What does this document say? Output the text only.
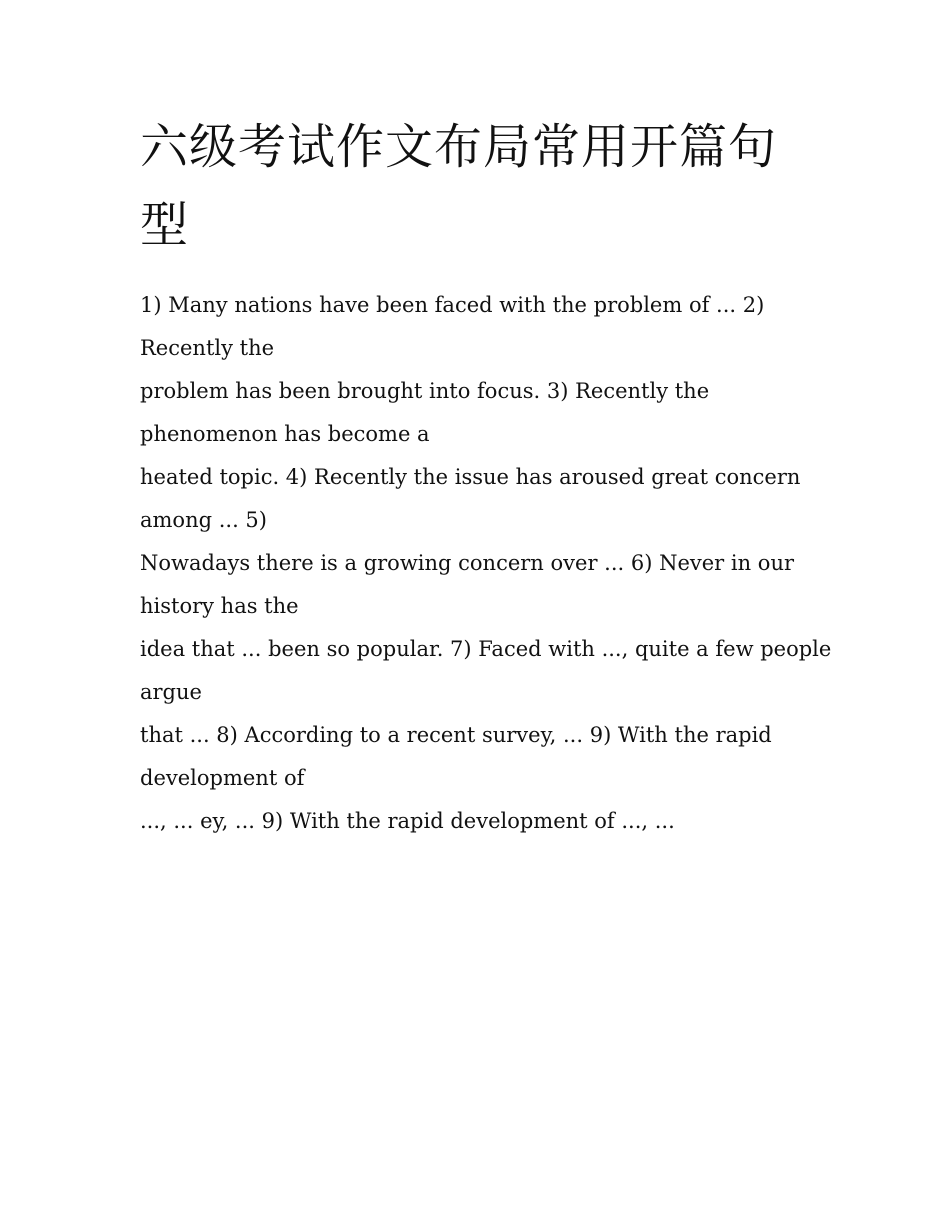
六级考试作文布局常用开篇句型
1) Many nations have been faced with the problem of ... 2)
Recently the
problem has been brought into focus. 3) Recently the
phenomenon has become a
heated topic. 4) Recently the issue has aroused great concern
among ... 5)
Nowadays there is a growing concern over ... 6) Never in our
history has the
idea that ... been so popular. 7) Faced with ..., quite a few people
argue
that ... 8) According to a recent survey, ... 9) With the rapid
development of
..., ... ey, ... 9) With the rapid development of ..., ...
